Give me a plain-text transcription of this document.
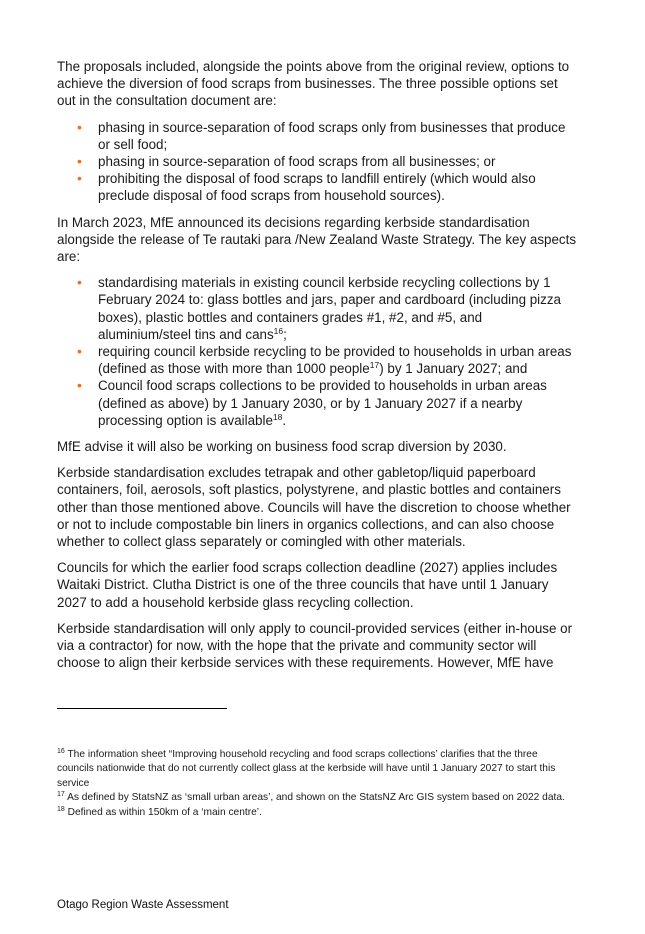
The proposals included, alongside the points above from the original review, options to achieve the diversion of food scraps from businesses. The three possible options set out in the consultation document are:

• phasing in source-separation of food scraps only from businesses that produce or sell food;
• phasing in source-separation of food scraps from all businesses; or
• prohibiting the disposal of food scraps to landfill entirely (which would also preclude disposal of food scraps from household sources).

In March 2023, MfE announced its decisions regarding kerbside standardisation alongside the release of Te rautaki para /New Zealand Waste Strategy. The key aspects are:

• standardising materials in existing council kerbside recycling collections by 1 February 2024 to: glass bottles and jars, paper and cardboard (including pizza boxes), plastic bottles and containers grades #1, #2, and #5, and aluminium/steel tins and cans$^{16}$;
• requiring council kerbside recycling to be provided to households in urban areas (defined as those with more than 1000 people$^{17}$) by 1 January 2027; and
• Council food scraps collections to be provided to households in urban areas (defined as above) by 1 January 2030, or by 1 January 2027 if a nearby processing option is available$^{18}$.

MfE advise it will also be working on business food scrap diversion by 2030.

Kerbside standardisation excludes tetrapak and other gabletop/liquid paperboard containers, foil, aerosols, soft plastics, polystyrene, and plastic bottles and containers other than those mentioned above. Councils will have the discretion to choose whether or not to include compostable bin liners in organics collections, and can also choose whether to collect glass separately or comingled with other materials.

Councils for which the earlier food scraps collection deadline (2027) applies includes Waitaki District. Clutha District is one of the three councils that have until 1 January 2027 to add a household kerbside glass recycling collection.

Kerbside standardisation will only apply to council-provided services (either in-house or via a contractor) for now, with the hope that the private and community sector will choose to align their kerbside services with these requirements. However, MfE have

$^{16}$ The information sheet “Improving household recycling and food scraps collections’ clarifies that the three councils nationwide that do not currently collect glass at the kerbside will have until 1 January 2027 to start this service

$^{17}$ As defined by StatsNZ as ‘small urban areas’, and shown on the StatsNZ Arc GIS system based on 2022 data.

$^{18}$ Defined as within 150km of a ‘main centre’.

Otago Region Waste Assessment
